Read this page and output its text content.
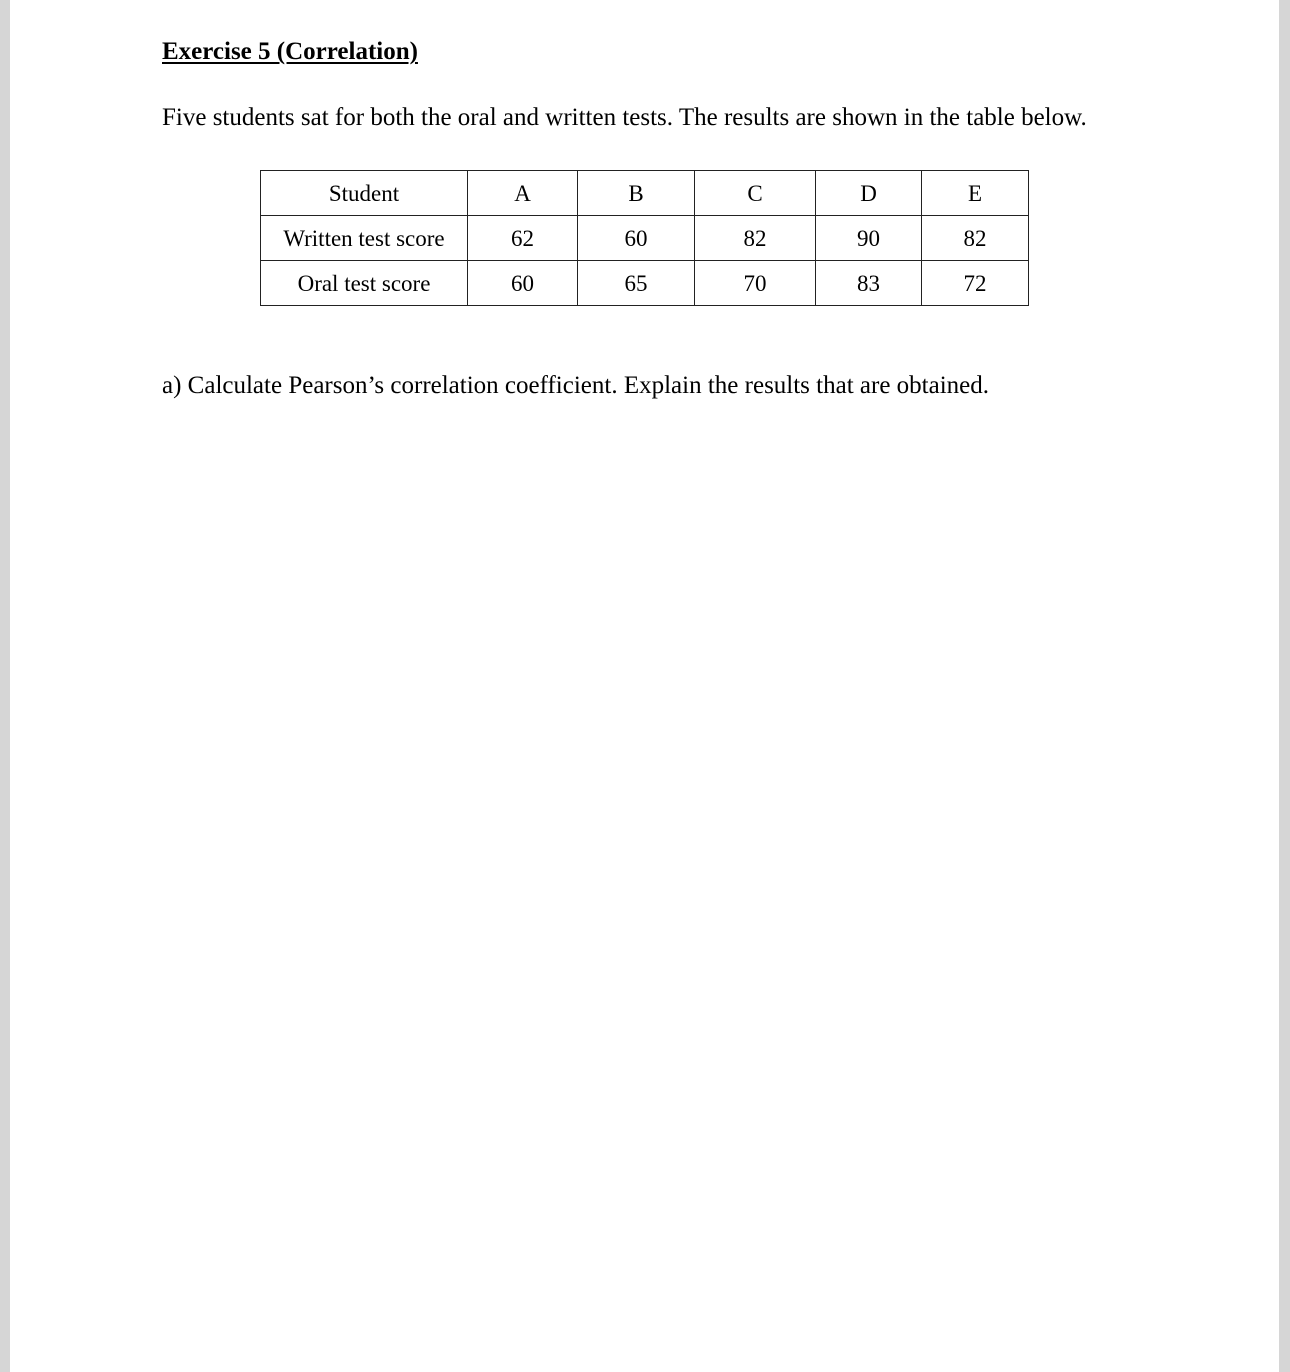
Exercise 5 (Correlation)
Five students sat for both the oral and written tests. The results are shown in the table below.
Student	A	B	C	D	E
Written test score	62	60	82	90	82
Oral test score	60	65	70	83	72
a) Calculate Pearson’s correlation coefficient. Explain the results that are obtained.
